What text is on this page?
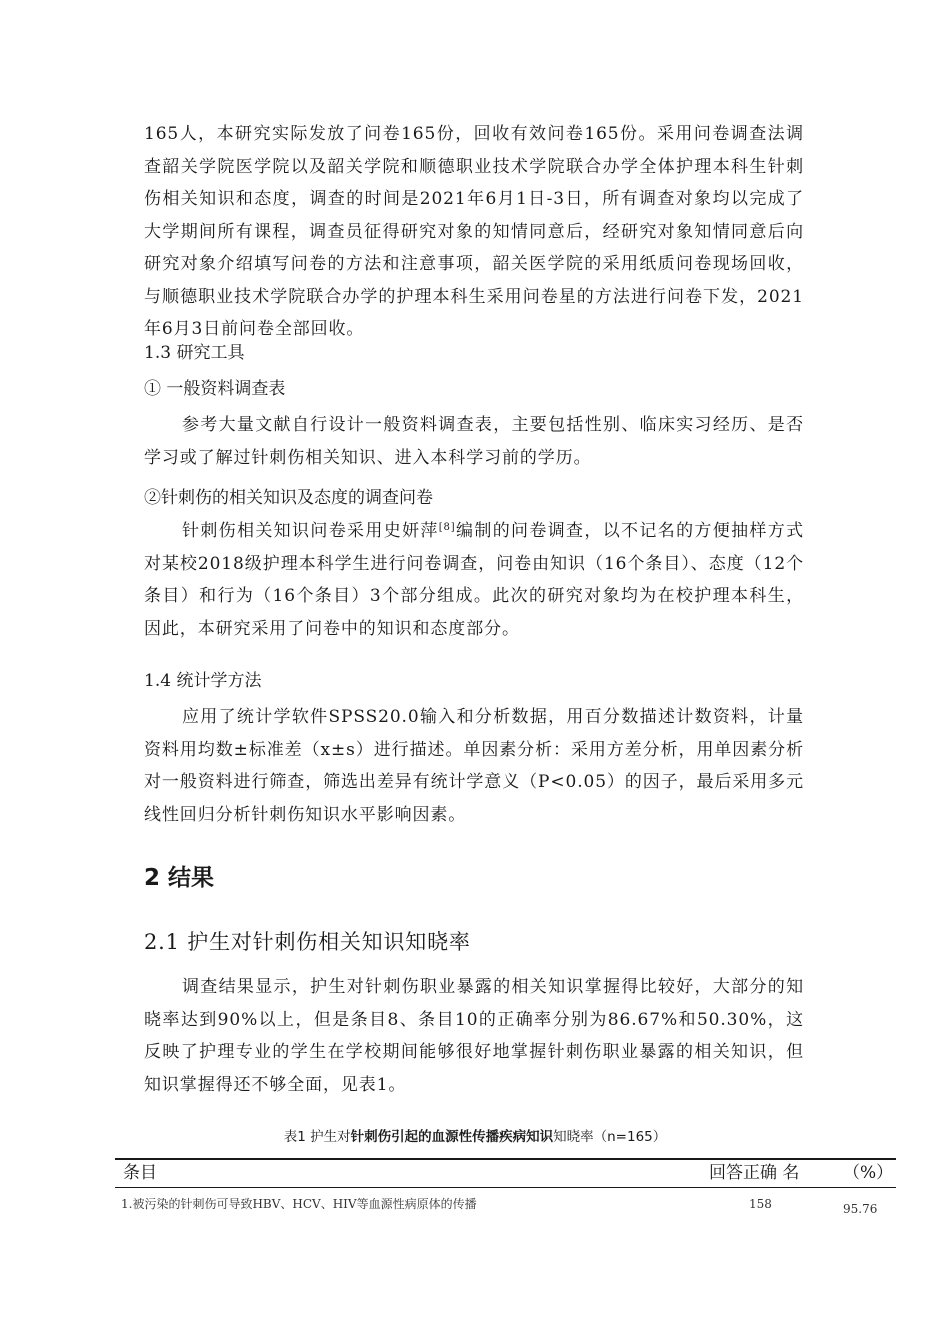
165人，本研究实际发放了问卷165份，回收有效问卷165份。采用问卷调查法调查韶关学院医学院以及韶关学院和顺德职业技术学院联合办学全体护理本科生针刺伤相关知识和态度，调查的时间是2021年6月1日-3日，所有调查对象均以完成了大学期间所有课程，调查员征得研究对象的知情同意后，经研究对象知情同意后向研究对象介绍填写问卷的方法和注意事项，韶关医学院的采用纸质问卷现场回收，与顺德职业技术学院联合办学的护理本科生采用问卷星的方法进行问卷下发，2021年6月3日前问卷全部回收。

1.3 研究工具

① 一般资料调查表

参考大量文献自行设计一般资料调查表，主要包括性别、临床实习经历、是否学习或了解过针刺伤相关知识、进入本科学习前的学历。

②针刺伤的相关知识及态度的调查问卷

针刺伤相关知识问卷采用史妍萍[8]编制的问卷调查，以不记名的方便抽样方式对某校2018级护理本科学生进行问卷调查，问卷由知识（16个条目）、态度（12个条目）和行为（16个条目）3个部分组成。此次的研究对象均为在校护理本科生，因此，本研究采用了问卷中的知识和态度部分。

1.4 统计学方法

应用了统计学软件SPSS20.0输入和分析数据，用百分数描述计数资料，计量资料用均数±标准差（x±s）进行描述。单因素分析：采用方差分析，用单因素分析对一般资料进行筛查，筛选出差异有统计学意义（P<0.05）的因子，最后采用多元线性回归分析针刺伤知识水平影响因素。

2 结果
2.1 护生对针刺伤相关知识知晓率

调查结果显示，护生对针刺伤职业暴露的相关知识掌握得比较好，大部分的知晓率达到90%以上，但是条目8、条目10的正确率分别为86.67%和50.30%，这反映了护理专业的学生在学校期间能够很好地掌握针刺伤职业暴露的相关知识，但知识掌握得还不够全面，见表1。

表1 护生对针刺伤引起的血源性传播疾病知识知晓率（n=165）

条目	回答正确 名	（%）
1.被污染的针刺伤可导致HBV、HCV、HIV等血源性病原体的传播	158	95.76
